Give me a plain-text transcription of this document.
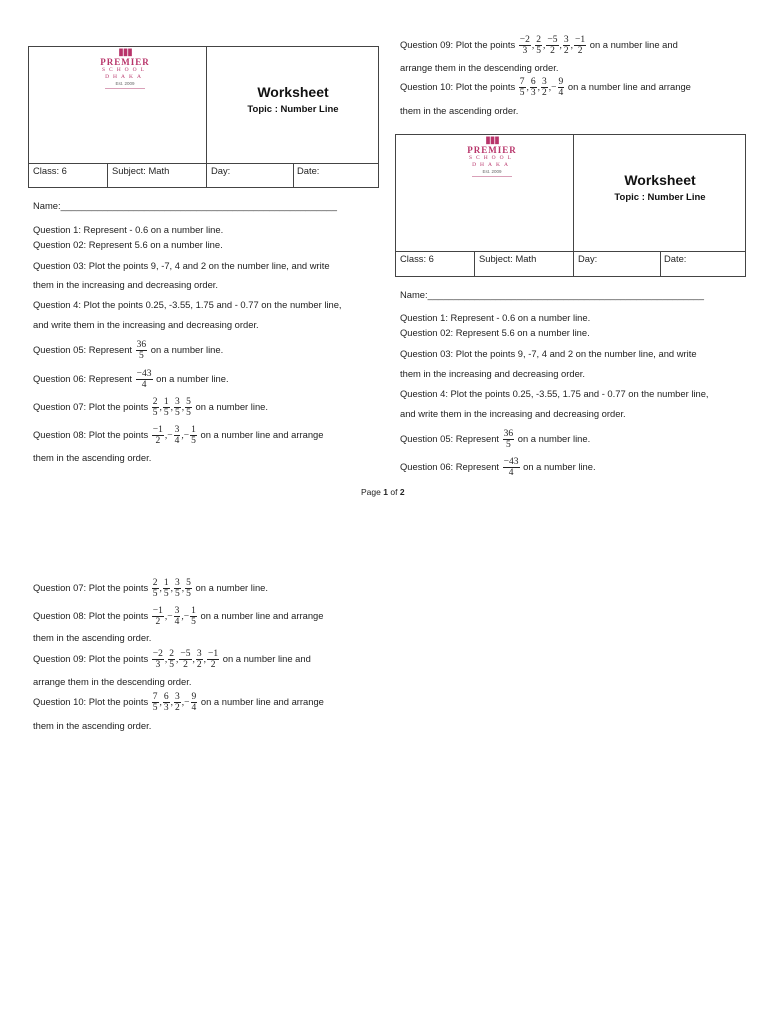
▮▮▮
PREMIER
SCHOOL
DHAKA
Est. 2009
Worksheet
Topic : Number Line
Class: 6	Subject: Math	Day:	Date:
Name:_____________________________________________________
Question 1: Represent - 0.6 on a number line.
Question 02: Represent 5.6 on a number line.
Question 03: Plot the points 9, -7, 4 and 2 on the number line, and write
them in the increasing and decreasing order.
Question 4: Plot the points 0.25, -3.55, 1.75 and - 0.77 on the number line,
and write them in the increasing and decreasing order.
Question 05: Represent $\frac{36}{5}$ on a number line.
Question 06: Represent $\frac{-43}{4}$ on a number line.
Question 07: Plot the points $\frac{2}{5}$ , $\frac{1}{5}$ , $\frac{3}{5}$ , $\frac{5}{5}$ on a number line.
Question 08: Plot the points $\frac{-1}{2}$ ,− $\frac{3}{4}$ ,− $\frac{1}{5}$ on a number line and arrange
them in the ascending order.
Page 1 of 2
Question 09: Plot the points $\frac{-2}{3}$ , $\frac{2}{5}$ , $\frac{-5}{2}$ , $\frac{3}{2}$ , $\frac{-1}{2}$ on a number line and
arrange them in the descending order.
Question 10: Plot the points $\frac{7}{5}$ , $\frac{6}{3}$ , $\frac{3}{2}$ ,− $\frac{9}{4}$ on a number line and arrange
them in the ascending order.
▮▮▮
PREMIER
SCHOOL
DHAKA
Est. 2009
Worksheet
Topic : Number Line
Class: 6	Subject: Math	Day:	Date:
Name:_____________________________________________________
Question 1: Represent - 0.6 on a number line.
Question 02: Represent 5.6 on a number line.
Question 03: Plot the points 9, -7, 4 and 2 on the number line, and write
them in the increasing and decreasing order.
Question 4: Plot the points 0.25, -3.55, 1.75 and - 0.77 on the number line,
and write them in the increasing and decreasing order.
Question 05: Represent $\frac{36}{5}$ on a number line.
Question 06: Represent $\frac{-43}{4}$ on a number line.
Question 07: Plot the points $\frac{2}{5}$ , $\frac{1}{5}$ , $\frac{3}{5}$ , $\frac{5}{5}$ on a number line.
Question 08: Plot the points $\frac{-1}{2}$ ,− $\frac{3}{4}$ ,− $\frac{1}{5}$ on a number line and arrange
them in the ascending order.
Question 09: Plot the points $\frac{-2}{3}$ , $\frac{2}{5}$ , $\frac{-5}{2}$ , $\frac{3}{2}$ , $\frac{-1}{2}$ on a number line and
arrange them in the descending order.
Question 10: Plot the points $\frac{7}{5}$ , $\frac{6}{3}$ , $\frac{3}{2}$ ,− $\frac{9}{4}$ on a number line and arrange
them in the ascending order.
